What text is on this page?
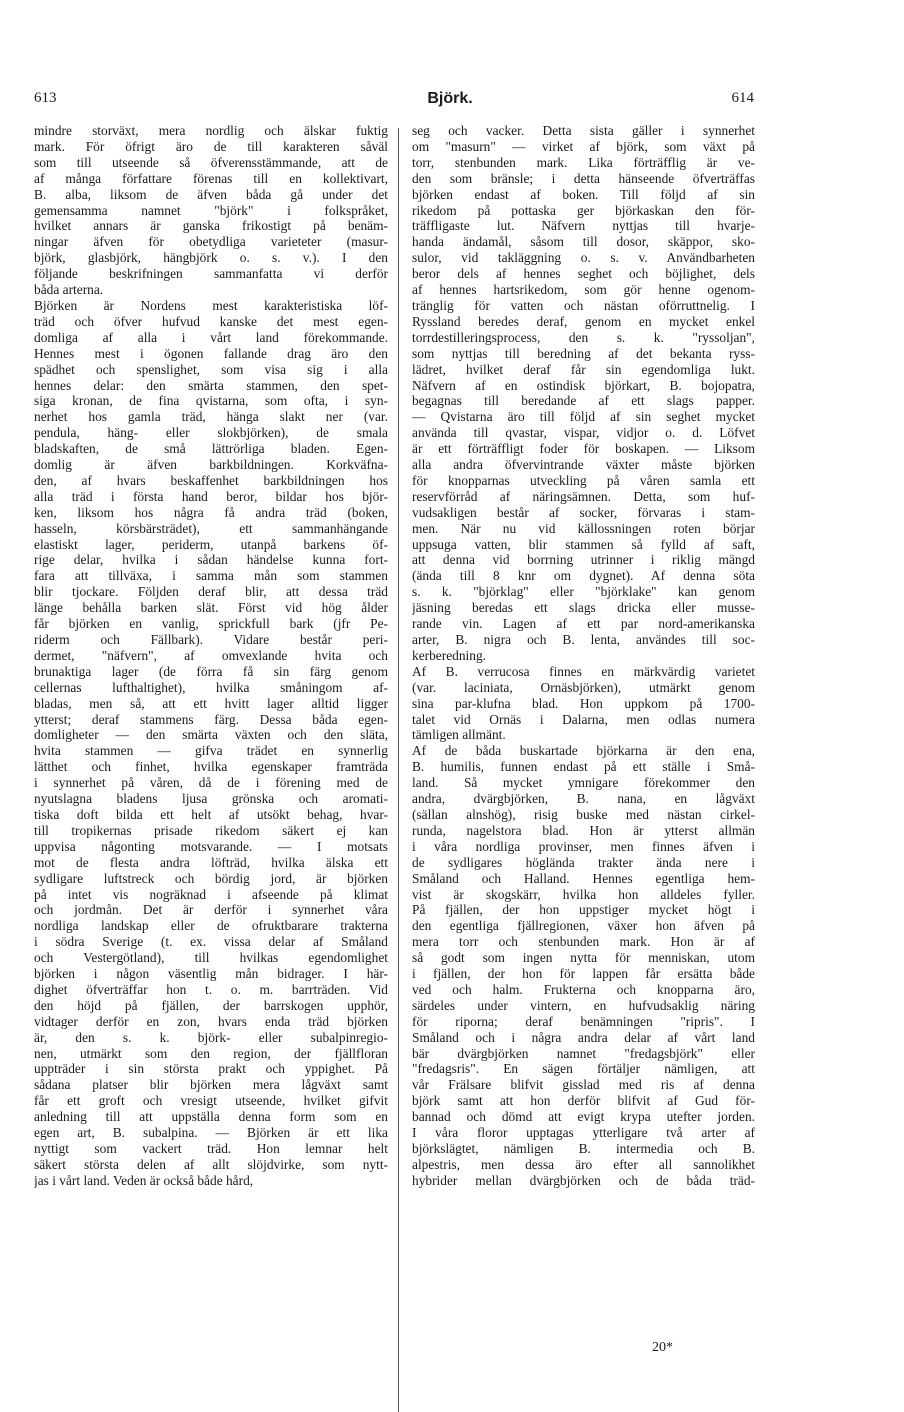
613	Björk.	614
mindre storväxt, mera nordlig och älskar fuktig
mark. För öfrigt äro de till karakteren såväl
som till utseende så öfverensstämmande, att de
af många författare förenas till en kollektivart,
B. alba, liksom de äfven båda gå under det
gemensamma namnet "björk" i folkspråket,
hvilket annars är ganska frikostigt på benäm-
ningar äfven för obetydliga varieteter (masur-
björk, glasbjörk, hängbjörk o. s. v.). I den
följande beskrifningen sammanfatta vi derför
båda arterna.
Björken är Nordens mest karakteristiska löf-
träd och öfver hufvud kanske det mest egen-
domliga af alla i vårt land förekommande.
Hennes mest i ögonen fallande drag äro den
spädhet och spenslighet, som visa sig i alla
hennes delar: den smärta stammen, den spet-
siga kronan, de fina qvistarna, som ofta, i syn-
nerhet hos gamla träd, hänga slakt ner (var.
pendula, häng- eller slokbjörken), de smala
bladskaften, de små lättrörliga bladen. Egen-
domlig är äfven barkbildningen. Korkväfna-
den, af hvars beskaffenhet barkbildningen hos
alla träd i första hand beror, bildar hos björ-
ken, liksom hos några få andra träd (boken,
hasseln, körsbärsträdet), ett sammanhängande
elastiskt lager, periderm, utanpå barkens öf-
rige delar, hvilka i sådan händelse kunna fort-
fara att tillväxa, i samma mån som stammen
blir tjockare. Följden deraf blir, att dessa träd
länge behålla barken slät. Först vid hög ålder
får björken en vanlig, sprickfull bark (jfr Pe-
riderm och Fällbark). Vidare består peri-
dermet, "näfvern", af omvexlande hvita och
brunaktiga lager (de förra få sin färg genom
cellernas lufthaltighet), hvilka småningom af-
bladas, men så, att ett hvitt lager alltid ligger
ytterst; deraf stammens färg. Dessa båda egen-
domligheter — den smärta växten och den släta,
hvita stammen — gifva trädet en synnerlig
lätthet och finhet, hvilka egenskaper framträda
i synnerhet på våren, då de i förening med de
nyutslagna bladens ljusa grönska och aromati-
tiska doft bilda ett helt af utsökt behag, hvar-
till tropikernas prisade rikedom säkert ej kan
uppvisa någonting motsvarande. — I motsats
mot de flesta andra löfträd, hvilka älska ett
sydligare luftstreck och bördig jord, är björken
på intet vis nogräknad i afseende på klimat
och jordmån. Det är derför i synnerhet våra
nordliga landskap eller de ofruktbarare trakterna
i södra Sverige (t. ex. vissa delar af Småland
och Vestergötland), till hvilkas egendomlighet
björken i någon väsentlig mån bidrager. I här-
dighet öfverträffar hon t. o. m. barrträden. Vid
den höjd på fjällen, der barrskogen upphör,
vidtager derför en zon, hvars enda träd björken
är, den s. k. björk- eller subalpinregio-
nen, utmärkt som den region, der fjällfloran
uppträder i sin största prakt och yppighet. På
sådana platser blir björken mera lågväxt samt
får ett groft och vresigt utseende, hvilket gifvit
anledning till att uppställa denna form som en
egen art, B. subalpina. — Björken är ett lika
nyttigt som vackert träd. Hon lemnar helt
säkert största delen af allt slöjdvirke, som nytt-
jas i vårt land. Veden är också både hård,
seg och vacker. Detta sista gäller i synnerhet
om "masurn" — virket af björk, som växt på
torr, stenbunden mark. Lika förträfflig är ve-
den som bränsle; i detta hänseende öfverträffas
björken endast af boken. Till följd af sin
rikedom på pottaska ger björkaskan den för-
träffligaste lut. Näfvern nyttjas till hvarje-
handa ändamål, såsom till dosor, skäppor, sko-
sulor, vid takläggning o. s. v. Användbarheten
beror dels af hennes seghet och böjlighet, dels
af hennes hartsrikedom, som gör henne ogenom-
tränglig för vatten och nästan oförruttnelig. I
Ryssland beredes deraf, genom en mycket enkel
torrdestilleringsprocess, den s. k. "ryssoljan",
som nyttjas till beredning af det bekanta ryss-
lädret, hvilket deraf får sin egendomliga lukt.
Näfvern af en ostindisk björkart, B. bojopatra,
begagnas till beredande af ett slags papper.
— Qvistarna äro till följd af sin seghet mycket
använda till qvastar, vispar, vidjor o. d. Löfvet
är ett förträffligt foder för boskapen. — Liksom
alla andra öfvervintrande växter måste björken
för knopparnas utveckling på våren samla ett
reservförråd af näringsämnen. Detta, som huf-
vudsakligen består af socker, förvaras i stam-
men. När nu vid källossningen roten börjar
uppsuga vatten, blir stammen så fylld af saft,
att denna vid borrning utrinner i riklig mängd
(ända till 8 knr om dygnet). Af denna söta
s. k. "björklag" eller "björklake" kan genom
jäsning beredas ett slags dricka eller musse-
rande vin. Lagen af ett par nord-amerikanska
arter, B. nigra och B. lenta, användes till soc-
kerberedning.
Af B. verrucosa finnes en märkvärdig varietet
(var. laciniata, Ornäsbjörken), utmärkt genom
sina par-klufna blad. Hon uppkom på 1700-
talet vid Ornäs i Dalarna, men odlas numera
tämligen allmänt.
Af de båda buskartade björkarna är den ena,
B. humilis, funnen endast på ett ställe i Små-
land. Så mycket ymnigare förekommer den
andra, dvärgbjörken, B. nana, en lågväxt
(sällan alnshög), risig buske med nästan cirkel-
runda, nagelstora blad. Hon är ytterst allmän
i våra nordliga provinser, men finnes äfven i
de sydligares högländа trakter ända nere i
Småland och Halland. Hennes egentliga hem-
vist är skogskärr, hvilka hon alldeles fyller.
På fjällen, der hon uppstiger mycket högt i
den egentliga fjällregionen, växer hon äfven på
mera torr och stenbunden mark. Hon är af
så godt som ingen nytta för menniskan, utom
i fjällen, der hon för lappen får ersätta både
ved och halm. Frukterna och knopparna äro,
särdeles under vintern, en hufvudsaklig näring
för riporna; deraf benämningen "ripris". I
Småland och i några andra delar af vårt land
bär dvärgbjörken namnet "fredagsbjörk" eller
"fredagsris". En sägen förtäljer nämligen, att
vår Frälsare blifvit gisslad med ris af denna
björk samt att hon derför blifvit af Gud för-
bannad och dömd att evigt krypa utefter jorden.
I våra floror upptagas ytterligare två arter af
björkslägtet, nämligen B. intermedia och B.
alpestris, men dessa äro efter all sannolikhet
hybrider mellan dvärgbjörken och de båda träd-
20*
